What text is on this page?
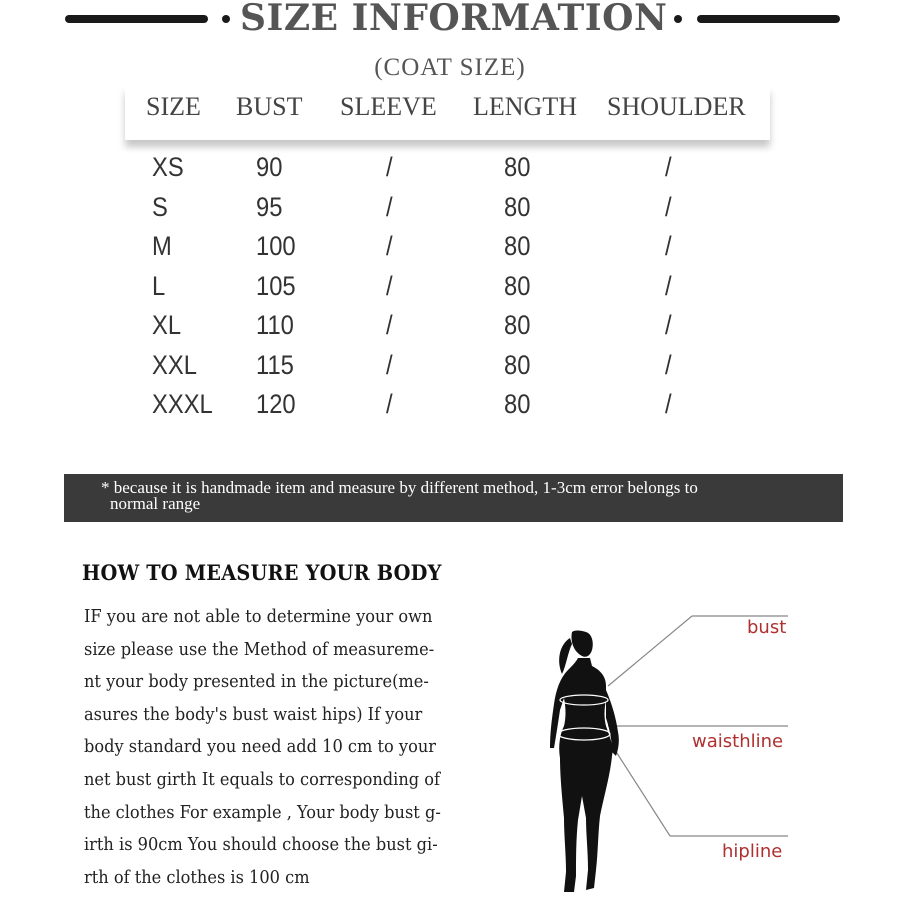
SIZE INFORMATION
(COAT SIZE)
SIZE BUST SLEEVE LENGTH SHOULDER
XS	90	/	80	/
S	95	/	80	/
M	100	/	80	/
L	105	/	80	/
XL	110	/	80	/
XXL 115	/	80	/
XXXL 120	/	80	/
* because it is handmade item and measure by different method, 1-3cm error belongs to
normal range
HOW TO MEASURE YOUR BODY
IF you are not able to determine your own
size please use the Method of measureme-
nt your body presented in the picture(me-
asures the body's bust waist hips) If your
body standard you need add 10 cm to your
net bust girth It equals to corresponding of
the clothes For example , Your body bust g-
irth is 90cm You should choose the bust gi-
rth of the clothes is 100 cm
bust
waisthline
hipline
